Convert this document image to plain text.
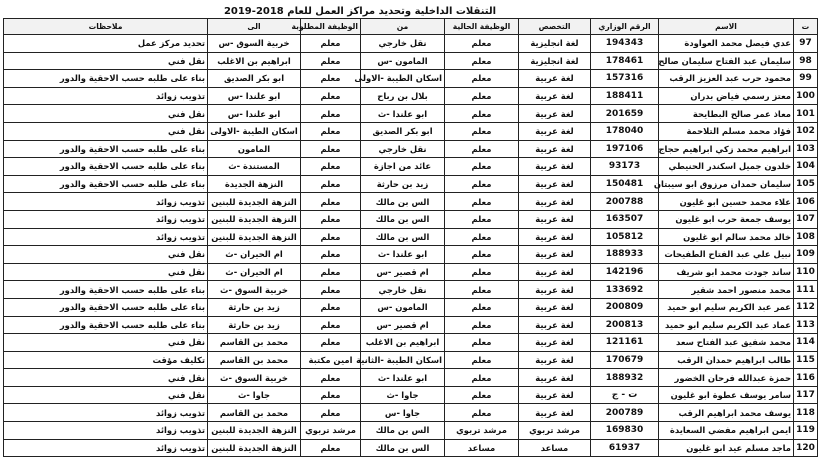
التنقلات الداخلية وتحديد مراكز العمل للعام 2018-2019
ت	الاسم	الرقم الوزاري	التخصص	الوظيفة الحالية	من	الوظيفة المطلوبة	الى	ملاحظات
97	عدي فيصل محمد العواودة	194343	لغة انجليزية	معلم	نقل خارجي	معلم	خربية السوق -س	تحديد مركز عمل
98	سليمان عبد الفتاح سليمان صالح	178461	لغة انجليزية	معلم	المامون -س	معلم	ابراهيم بن الاغلب	نقل فني
99	محمود حرب عبد العزيز الرقب	157316	لغة عربية	معلم	اسكان الطيبة -الاولى	معلم	ابو بكر الصديق	بناء على طلبه حسب الاحقية والدور
100	معتز رسمي فياض بدران	188411	لغة عربية	معلم	بلال بن رباح	معلم	ابو علندا -س	تذويب زوائد
101	معاذ عمر صالح البطايحة	201659	لغة عربية	معلم	ابو علندا -ث	معلم	ابو علندا -س	نقل فني
102	فؤاد محمد مسلم التلاحمة	178040	لغة عربية	معلم	ابو بكر الصديق	معلم	اسكان الطيبة -الاولى	نقل فني
103	ابراهيم محمد زكي ابراهيم حجاج	197106	لغة عربية	معلم	نقل خارجي	معلم	المامون	بناء على طلبه حسب الاحقية والدور
104	خلدون جميل اسكندر الحنيطي	93173	لغة عربية	معلم	عائد من اجازة	معلم	المستندة -ث	بناء على طلبه حسب الاحقية والدور
105	سليمان حمدان مرزوق ابو سيبتان	150481	لغة عربية	معلم	زيد بن حارثة	معلم	النزهة الجديدة	بناء على طلبه حسب الاحقية والدور
106	علاء محمد حسين ابو غليون	200788	لغة عربية	معلم	الس بن مالك	معلم	النزهة الجديدة للبنين	تذويب زوائد
107	يوسف جمعة حرب ابو غليون	163507	لغة عربية	معلم	الس بن مالك	معلم	النزهة الجديدة للبنين	تذويب زوائد
108	خالد محمد سالم ابو غليون	105812	لغة عربية	معلم	الس بن مالك	معلم	النزهة الجديدة للبنين	تذويب زوائد
109	نبيل علي عبد الفتاح الطفيحات	188933	لغة عربية	معلم	ابو علندا -ث	معلم	ام الحيران -ث	نقل فني
110	ساند جودت محمد ابو شريف	142196	لغة عربية	معلم	ام قصير -س	معلم	ام الحيران -ث	نقل فني
111	محمد منصور احمد شقير	133692	لغة عربية	معلم	نقل خارجي	معلم	خربية السوق -ث	بناء على طلبه حسب الاحقية والدور
112	عمر عبد الكريم سليم ابو حميد	200809	لغة عربية	معلم	المامون -س	معلم	زيد بن حارثة	بناء على طلبه حسب الاحقية والدور
113	عماد عبد الكريم سليم ابو حميد	200813	لغة عربية	معلم	ام قصير -س	معلم	زيد بن حارثة	بناء على طلبه حسب الاحقية والدور
114	محمد شفيق عبد الفتاح سعد	121161	لغة عربية	معلم	ابراهيم بن الاغلب	معلم	محمد بن القاسم	نقل فني
115	طالب ابراهيم حمدان الرقب	170679	لغة عربية	معلم	اسكان الطيبة -الثانية	امين مكتبة	محمد بن القاسم	تكليف مؤقت
116	حمزة عبدالله فرحان الخضور	188932	لغة عربية	معلم	ابو علندا -ث	معلم	خربية السوق -ث	نقل فني
117	سامر يوسف عطوة ابو غليون	ت - ج	لغة عربية	معلم	جاوا -ث	معلم	جاوا -ث	نقل فني
118	يوسف محمد ابراهيم الرقب	200789	لغة عربية	معلم	جاوا -س	معلم	محمد بن القاسم	تذويب زوائد
119	ايمن ابراهيم مفضي السعايدة	169830	مرشد تربوي	مرشد تربوي	الس بن مالك	مرشد تربوي	النزهة الجديدة للبنين	تذويب زوائد
120	ماجد مسلم عيد ابو غليون	61937	مساعد	مساعد	الس بن مالك	معلم	النزهة الجديدة للبنين	تذويب زوائد
